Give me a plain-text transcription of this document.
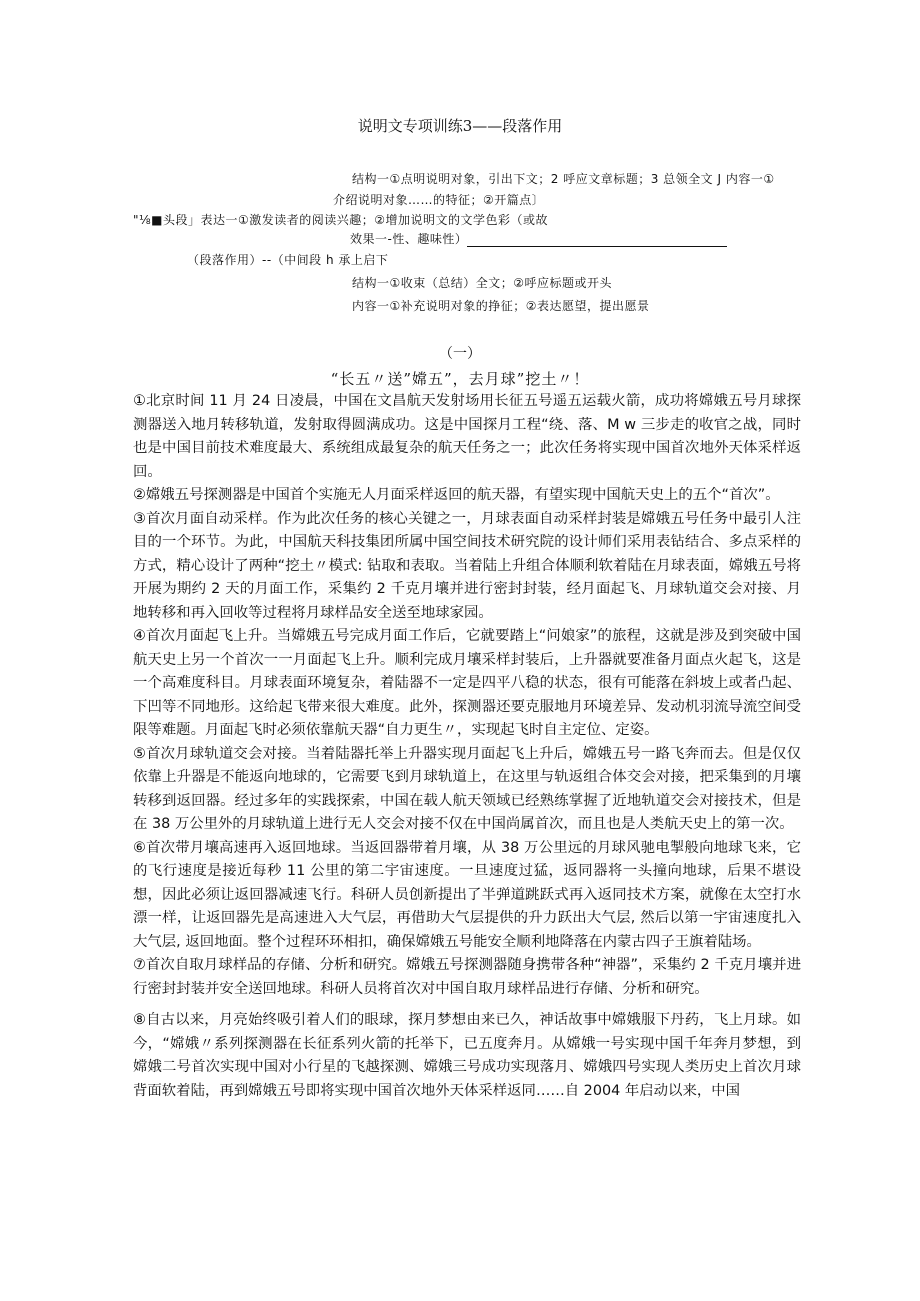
说明文专项训练3——段落作用
结构一①点明说明对象，引出下文；2 呼应文章标题；3 总领全文 J 内容一①
介绍说明对象……的特征；②开篇点〕
"⅛■头段」表达一①激发读者的阅读兴趣；②增加说明文的文学色彩（或故
效果一-性、趣味性）
（段落作用）--（中间段 h 承上启下
结构一①收束（总结）全文；②呼应标题或开头
内容一①补充说明对象的挣征；②表达愿望，提出愿景
（一）
“长五〃送”嫦五”，去月球”挖土〃！

①北京时间 11 月 24 日凌晨，中国在文昌航天发射场用长征五号遥五运载火箭，成功将嫦娥五号月球探测器送入地月转移轨道，发射取得圆满成功。这是中国探月工程“绕、落、M w 三步走的收官之战，同时也是中国目前技术难度最大、系统组成最复杂的航天任务之一；此次任务将实现中国首次地外天体采样返回。

②嫦娥五号探测器是中国首个实施无人月面采样返回的航天器，有望实现中国航天史上的五个“首次”。

③首次月面自动采样。作为此次任务的核心关键之一，月球表面自动采样封装是嫦娥五号任务中最引人注目的一个环节。为此，中国航天科技集团所属中国空间技术研究院的设计师们采用表钻结合、多点采样的方式，精心设计了两种“挖土〃模式: 钻取和表取。当着陆上升组合体顺利软着陆在月球表面，嫦娥五号将开展为期约 2 天的月面工作，采集约 2 千克月壤并进行密封封装，经月面起飞、月球轨道交会对接、月地转移和再入回收等过程将月球样品安全送至地球家园。

④首次月面起飞上升。当嫦娥五号完成月面工作后，它就要踏上“问娘家”的旅程，这就是涉及到突破中国航天史上另一个首次一一月面起飞上升。顺利完成月壤采样封装后，上升器就要准备月面点火起飞，这是一个高难度科目。月球表面环境复杂，着陆器不一定是四平八稳的状态，很有可能落在斜坡上或者凸起、下凹等不同地形。这给起飞带来很大难度。此外，探测器还要克服地月环境差异、发动机羽流导流空间受限等难题。月面起飞时必须依靠航天器“自力更生〃，实现起飞时自主定位、定姿。

⑤首次月球轨道交会对接。当着陆器托举上升器实现月面起飞上升后，嫦娥五号一路飞奔而去。但是仅仅依靠上升器是不能返向地球的，它需要飞到月球轨道上，在这里与轨返组合体交会对接，把采集到的月壤转移到返回器。经过多年的实践探索，中国在载人航天领域已经熟练掌握了近地轨道交会对接技术，但是在 38 万公里外的月球轨道上进行无人交会对接不仅在中国尚属首次，而且也是人类航天史上的第一次。

⑥首次带月壤高速再入返回地球。当返回器带着月壤，从 38 万公里远的月球风驰电掣般向地球飞来，它的飞行速度是接近每秒 11 公里的第二宇宙速度。一旦速度过猛，返同器将一头撞向地球，后果不堪设想，因此必须让返回器减速飞行。科研人员创新提出了半弹道跳跃式再入返同技术方案，就像在太空打水漂一样，让返回器先是高速进入大气层，再借助大气层提供的升力跃出大气层, 然后以第一宇宙速度扎入大气层, 返回地面。整个过程环环相扣，确保嫦娥五号能安全顺利地降落在内蒙古四子王旗着陆场。

⑦首次自取月球样品的存储、分析和研究。嫦娥五号探测器随身携带各种“神器”，采集约 2 千克月壤并进行密封封装并安全送回地球。科研人员将首次对中国自取月球样品进行存储、分析和研究。

⑧自古以来，月亮始终吸引着人们的眼球，探月梦想由来已久，神话故事中嫦娥服下丹药，飞上月球。如今，“嫦娥〃系列探测器在长征系列火箭的托举下，已五度奔月。从嫦娥一号实现中国千年奔月梦想，到嫦娥二号首次实现中国对小行星的飞越探测、嫦娥三号成功实现落月、嫦娥四号实现人类历史上首次月球背面软着陆，再到嫦娥五号即将实现中国首次地外天体采样返同……自 2004 年启动以来，中国
